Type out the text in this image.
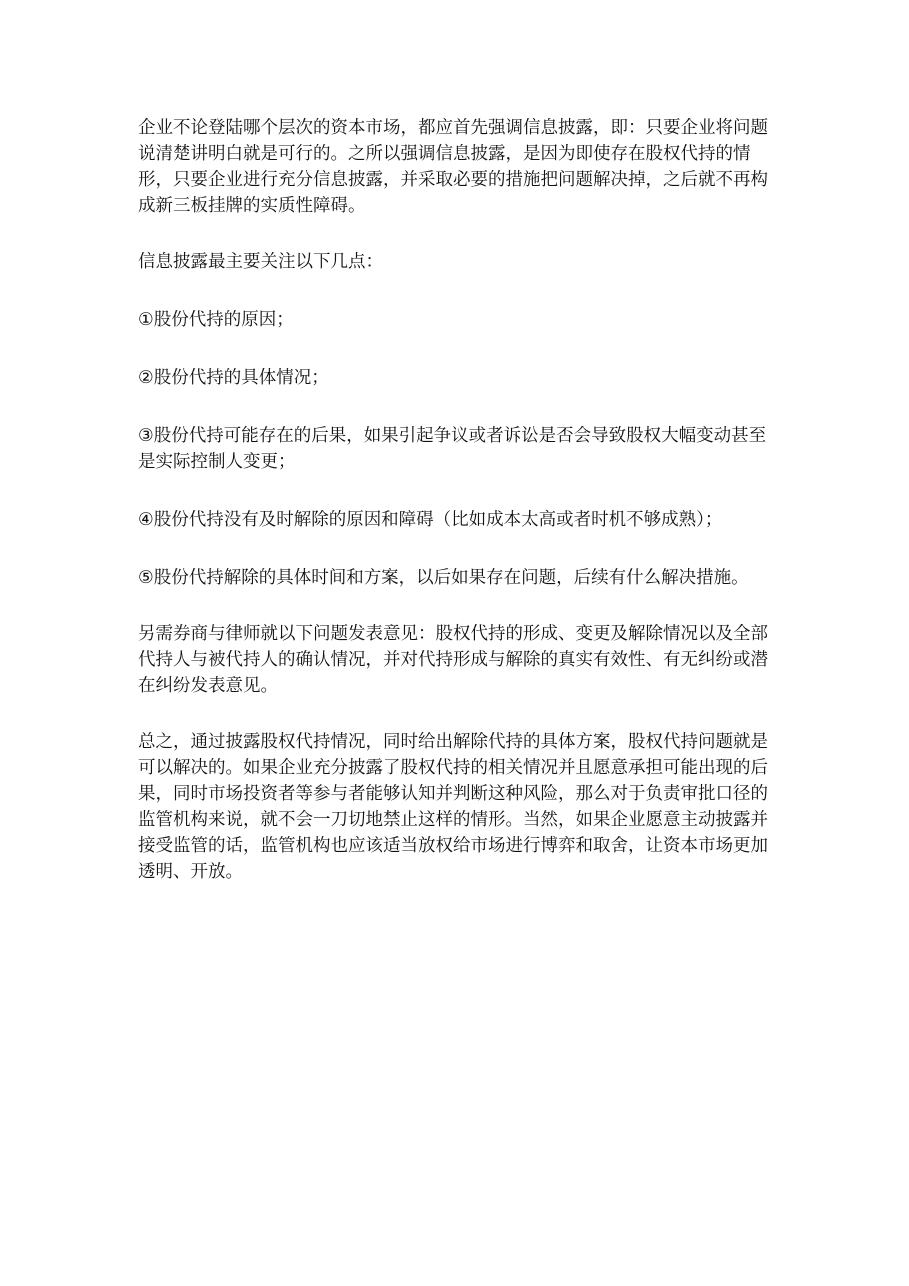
企业不论登陆哪个层次的资本市场，都应首先强调信息披露，即：只要企业将问题说清楚讲明白就是可行的。之所以强调信息披露，是因为即使存在股权代持的情形，只要企业进行充分信息披露，并采取必要的措施把问题解决掉，之后就不再构成新三板挂牌的实质性障碍。

信息披露最主要关注以下几点：

①股份代持的原因；

②股份代持的具体情况；

③股份代持可能存在的后果，如果引起争议或者诉讼是否会导致股权大幅变动甚至是实际控制人变更；

④股份代持没有及时解除的原因和障碍（比如成本太高或者时机不够成熟）；

⑤股份代持解除的具体时间和方案，以后如果存在问题，后续有什么解决措施。

另需券商与律师就以下问题发表意见：股权代持的形成、变更及解除情况以及全部代持人与被代持人的确认情况，并对代持形成与解除的真实有效性、有无纠纷或潜在纠纷发表意见。

总之，通过披露股权代持情况，同时给出解除代持的具体方案，股权代持问题就是可以解决的。如果企业充分披露了股权代持的相关情况并且愿意承担可能出现的后果，同时市场投资者等参与者能够认知并判断这种风险，那么对于负责审批口径的监管机构来说，就不会一刀切地禁止这样的情形。当然，如果企业愿意主动披露并接受监管的话，监管机构也应该适当放权给市场进行博弈和取舍，让资本市场更加透明、开放。
